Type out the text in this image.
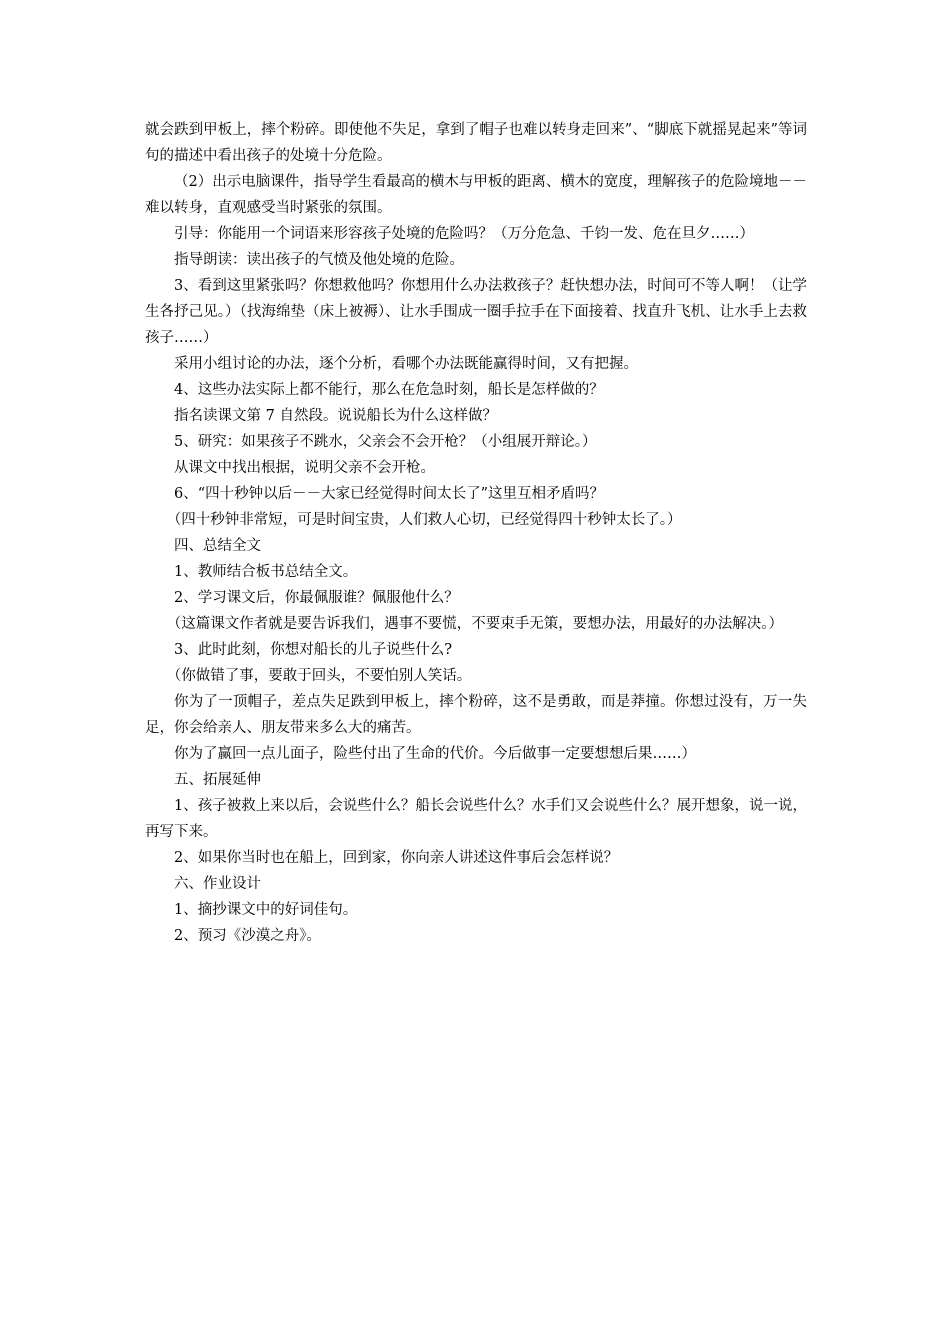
就会跌到甲板上，摔个粉碎。即使他不失足，拿到了帽子也难以转身走回来”、“脚底下就摇晃起来”等词句的描述中看出孩子的处境十分危险。

（2）出示电脑课件，指导学生看最高的横木与甲板的距离、横木的宽度，理解孩子的危险境地－－难以转身，直观感受当时紧张的氛围。

引导：你能用一个词语来形容孩子处境的危险吗？（万分危急、千钧一发、危在旦夕……）

指导朗读：读出孩子的气愤及他处境的危险。

3、看到这里紧张吗？你想救他吗？你想用什么办法救孩子？赶快想办法，时间可不等人啊！（让学生各抒己见。）（找海绵垫（床上被褥）、让水手围成一圈手拉手在下面接着、找直升飞机、让水手上去救孩子……）

采用小组讨论的办法，逐个分析，看哪个办法既能赢得时间，又有把握。

4、这些办法实际上都不能行，那么在危急时刻，船长是怎样做的？

指名读课文第 7 自然段。说说船长为什么这样做？

5、研究：如果孩子不跳水，父亲会不会开枪？（小组展开辩论。）

从课文中找出根据，说明父亲不会开枪。

6、“四十秒钟以后－－大家已经觉得时间太长了”这里互相矛盾吗？

（四十秒钟非常短，可是时间宝贵，人们救人心切，已经觉得四十秒钟太长了。）

四、总结全文

1、教师结合板书总结全文。

2、学习课文后，你最佩服谁？佩服他什么？

（这篇课文作者就是要告诉我们，遇事不要慌，不要束手无策，要想办法，用最好的办法解决。）

3、此时此刻，你想对船长的儿子说些什么?

（你做错了事，要敢于回头，不要怕别人笑话。

你为了一顶帽子，差点失足跌到甲板上，摔个粉碎，这不是勇敢，而是莽撞。你想过没有，万一失足，你会给亲人、朋友带来多么大的痛苦。

你为了赢回一点儿面子，险些付出了生命的代价。今后做事一定要想想后果……）

五、拓展延伸

1、孩子被救上来以后，会说些什么？船长会说些什么？水手们又会说些什么？展开想象，说一说，再写下来。

2、如果你当时也在船上，回到家，你向亲人讲述这件事后会怎样说？

六、作业设计

1、摘抄课文中的好词佳句。

2、预习《沙漠之舟》。
